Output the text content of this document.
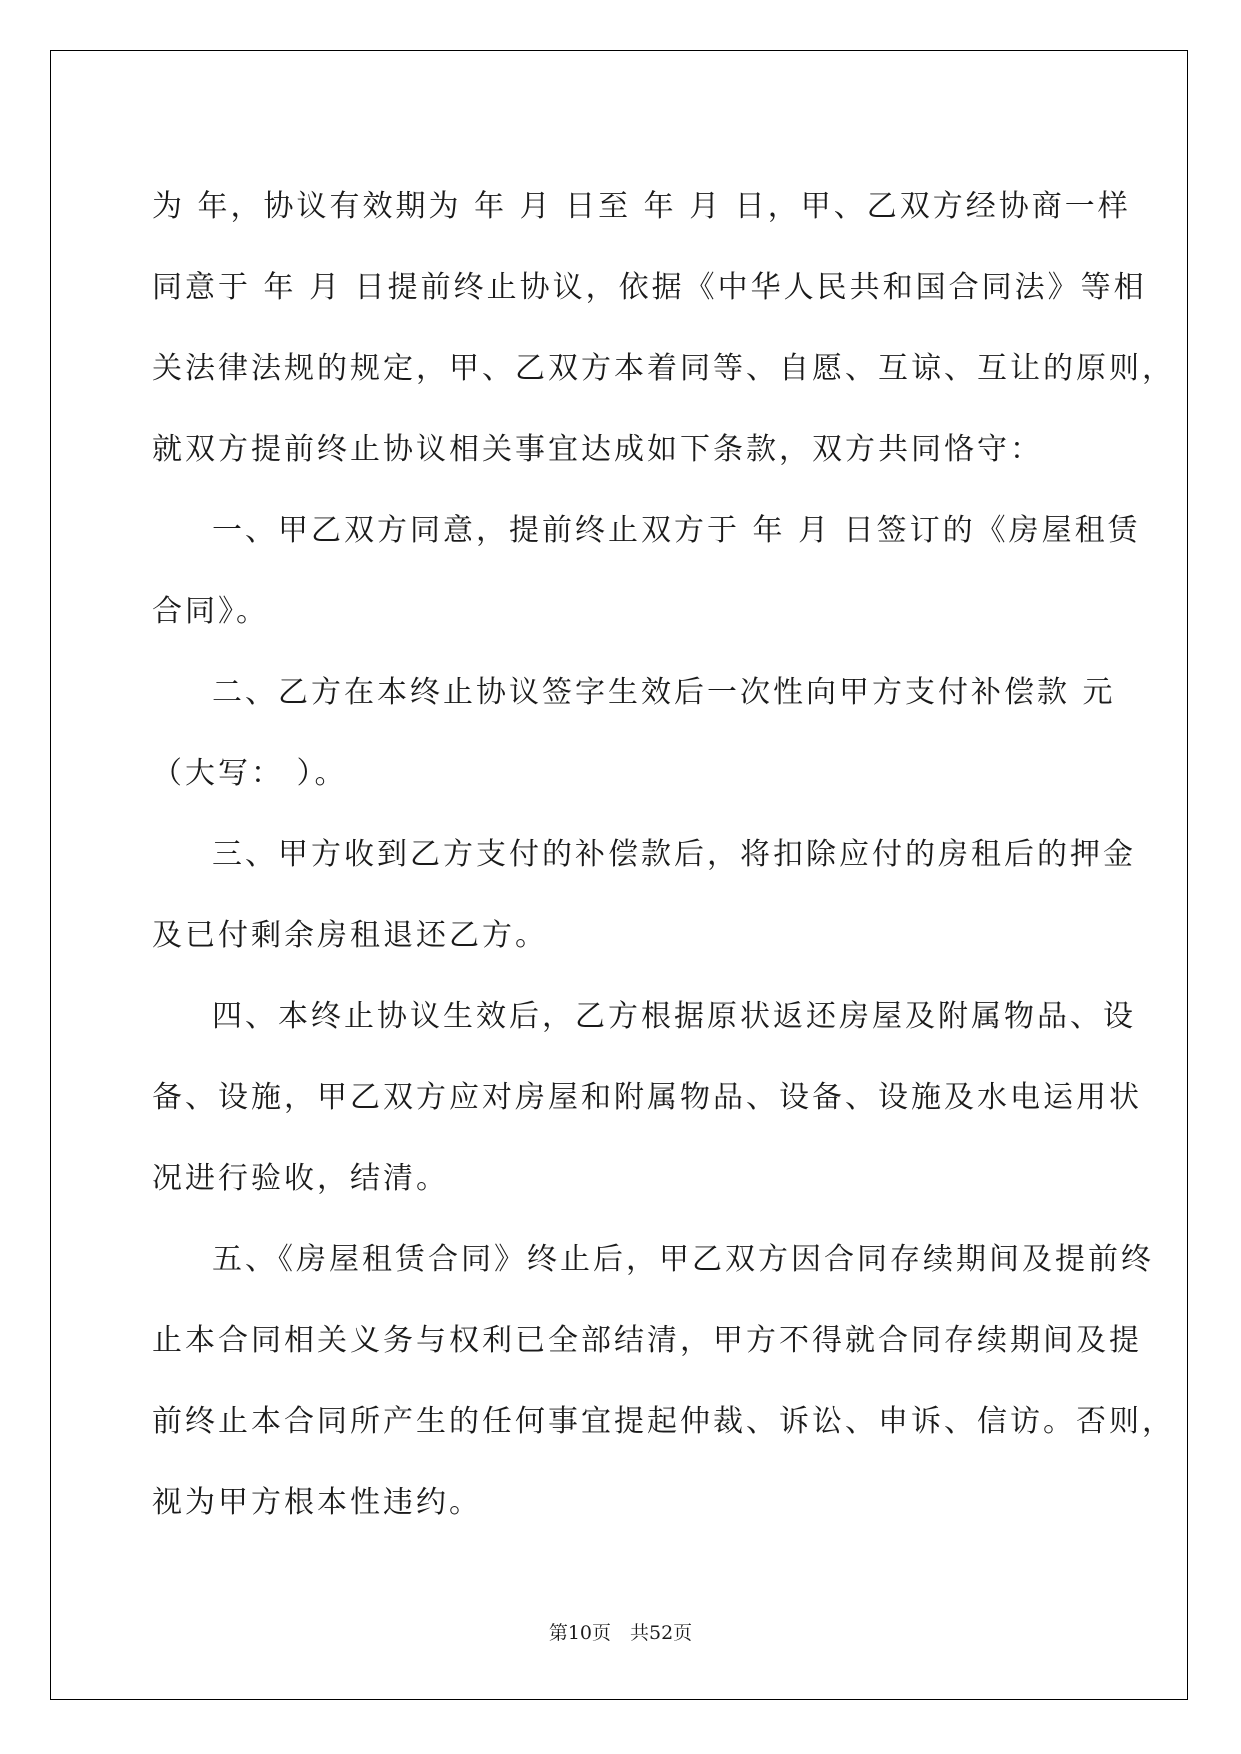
为 年，协议有效期为 年 月 日至 年 月 日，甲、乙双方经协商一样
同意于 年 月 日提前终止协议，依据《中华人民共和国合同法》等相
关法律法规的规定，甲、乙双方本着同等、自愿、互谅、互让的原则，
就双方提前终止协议相关事宜达成如下条款，双方共同恪守：
一、甲乙双方同意，提前终止双方于 年 月 日签订的《房屋租赁
合同》。
二、乙方在本终止协议签字生效后一次性向甲方支付补偿款 元
（大写： ）。
三、甲方收到乙方支付的补偿款后，将扣除应付的房租后的押金
及已付剩余房租退还乙方。
四、本终止协议生效后，乙方根据原状返还房屋及附属物品、设
备、设施，甲乙双方应对房屋和附属物品、设备、设施及水电运用状
况进行验收，结清。
五、《房屋租赁合同》终止后，甲乙双方因合同存续期间及提前终
止本合同相关义务与权利已全部结清，甲方不得就合同存续期间及提
前终止本合同所产生的任何事宜提起仲裁、诉讼、申诉、信访。否则，
视为甲方根本性违约。
第10页　共52页
